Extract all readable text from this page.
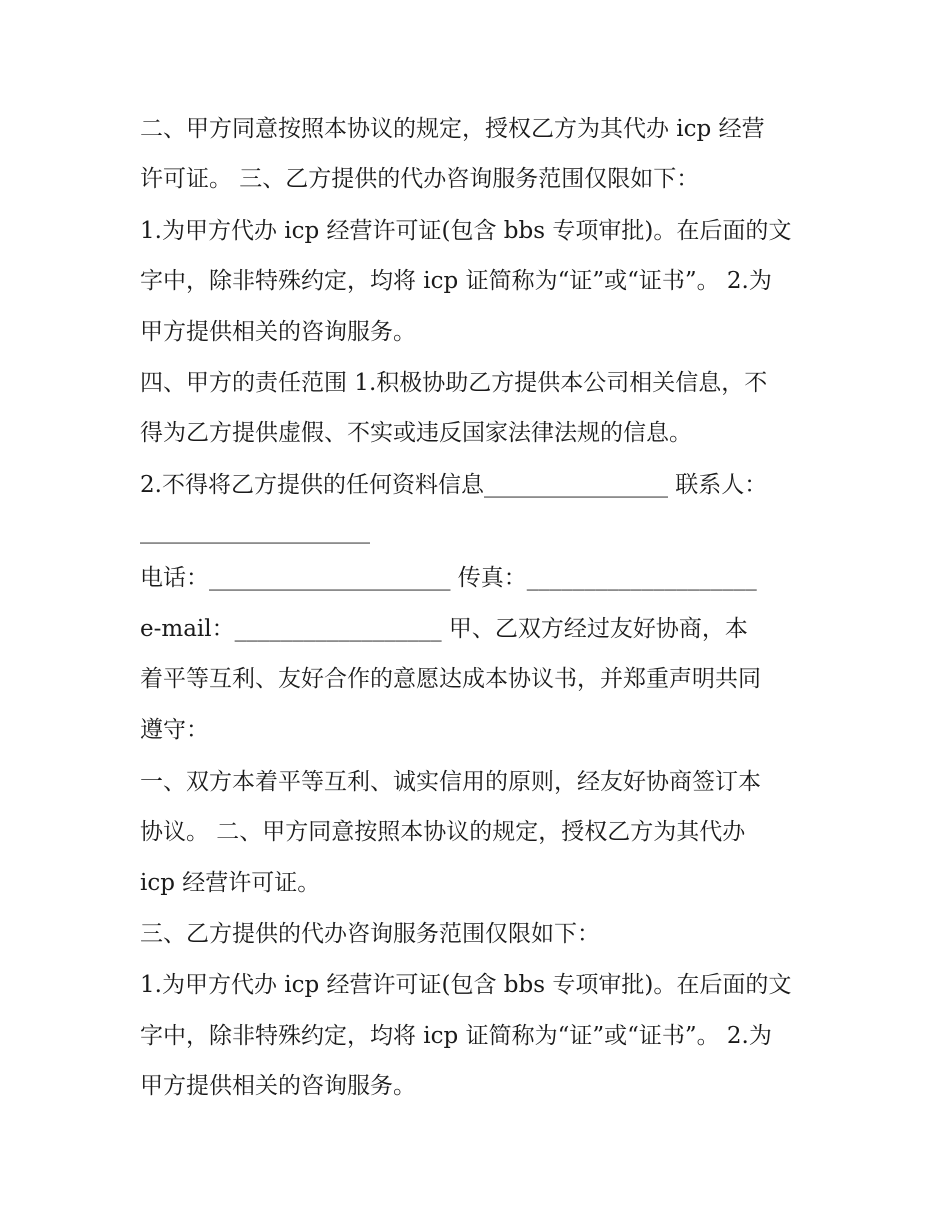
二、甲方同意按照本协议的规定，授权乙方为其代办 icp 经营
许可证。 三、乙方提供的代办咨询服务范围仅限如下：
1.为甲方代办 icp 经营许可证(包含 bbs 专项审批)。在后面的文
字中，除非特殊约定，均将 icp 证简称为“证”或“证书”。 2.为
甲方提供相关的咨询服务。
四、甲方的责任范围 1.积极协助乙方提供本公司相关信息，不
得为乙方提供虚假、不实或违反国家法律法规的信息。
2.不得将乙方提供的任何资料信息________________ 联系人：
____________________
电话：_____________________ 传真：____________________
e-mail：__________________ 甲、乙双方经过友好协商，本
着平等互利、友好合作的意愿达成本协议书，并郑重声明共同
遵守：
一、双方本着平等互利、诚实信用的原则，经友好协商签订本
协议。 二、甲方同意按照本协议的规定，授权乙方为其代办
icp 经营许可证。
三、乙方提供的代办咨询服务范围仅限如下：
1.为甲方代办 icp 经营许可证(包含 bbs 专项审批)。在后面的文
字中，除非特殊约定，均将 icp 证简称为“证”或“证书”。 2.为
甲方提供相关的咨询服务。
